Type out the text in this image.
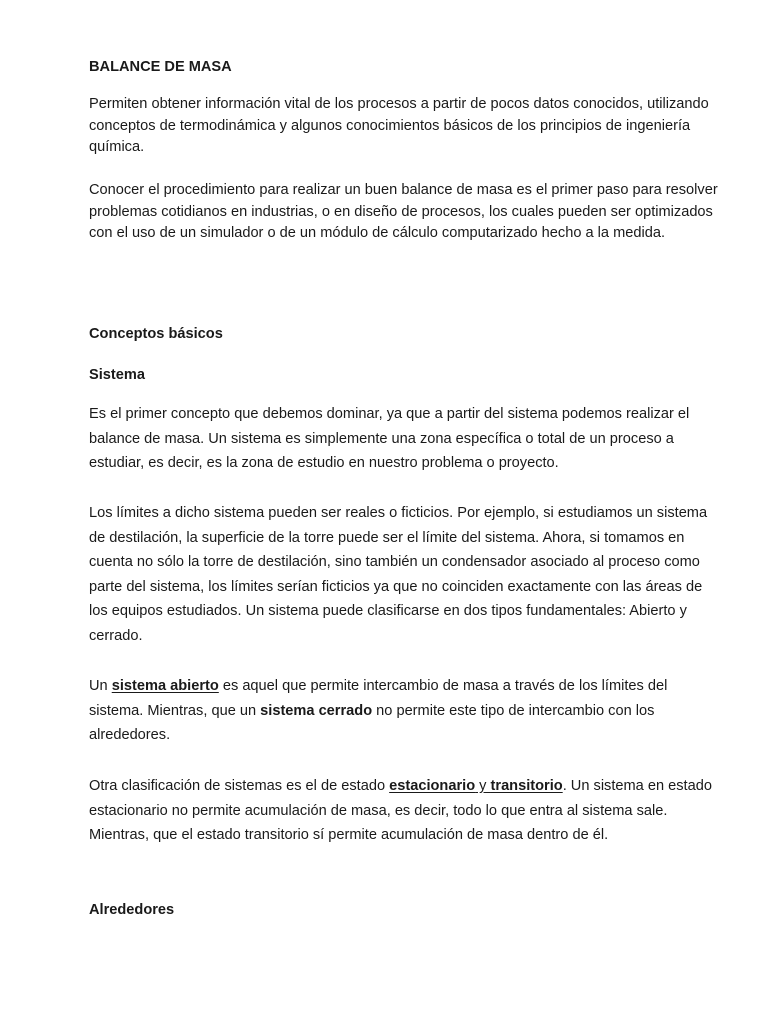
BALANCE DE MASA

Permiten obtener información vital de los procesos a partir de pocos datos conocidos, utilizando conceptos de termodinámica y algunos conocimientos básicos de los principios de ingeniería química.

Conocer el procedimiento para realizar un buen balance de masa es el primer paso para resolver problemas cotidianos en industrias, o en diseño de procesos, los cuales pueden ser optimizados con el uso de un simulador o de un módulo de cálculo computarizado hecho a la medida.

Conceptos básicos
Sistema

Es el primer concepto que debemos dominar, ya que a partir del sistema podemos realizar el balance de masa. Un sistema es simplemente una zona específica o total de un proceso a estudiar, es decir, es la zona de estudio en nuestro problema o proyecto.

Los límites a dicho sistema pueden ser reales o ficticios. Por ejemplo, si estudiamos un sistema de destilación, la superficie de la torre puede ser el límite del sistema. Ahora, si tomamos en cuenta no sólo la torre de destilación, sino también un condensador asociado al proceso como parte del sistema, los límites serían ficticios ya que no coinciden exactamente con las áreas de los equipos estudiados. Un sistema puede clasificarse en dos tipos fundamentales: Abierto y cerrado.

Un sistema abierto es aquel que permite intercambio de masa a través de los límites del sistema. Mientras, que un sistema cerrado no permite este tipo de intercambio con los alrededores.

Otra clasificación de sistemas es el de estado estacionario y transitorio. Un sistema en estado estacionario no permite acumulación de masa, es decir, todo lo que entra al sistema sale. Mientras, que el estado transitorio sí permite acumulación de masa dentro de él.

Alrededores
